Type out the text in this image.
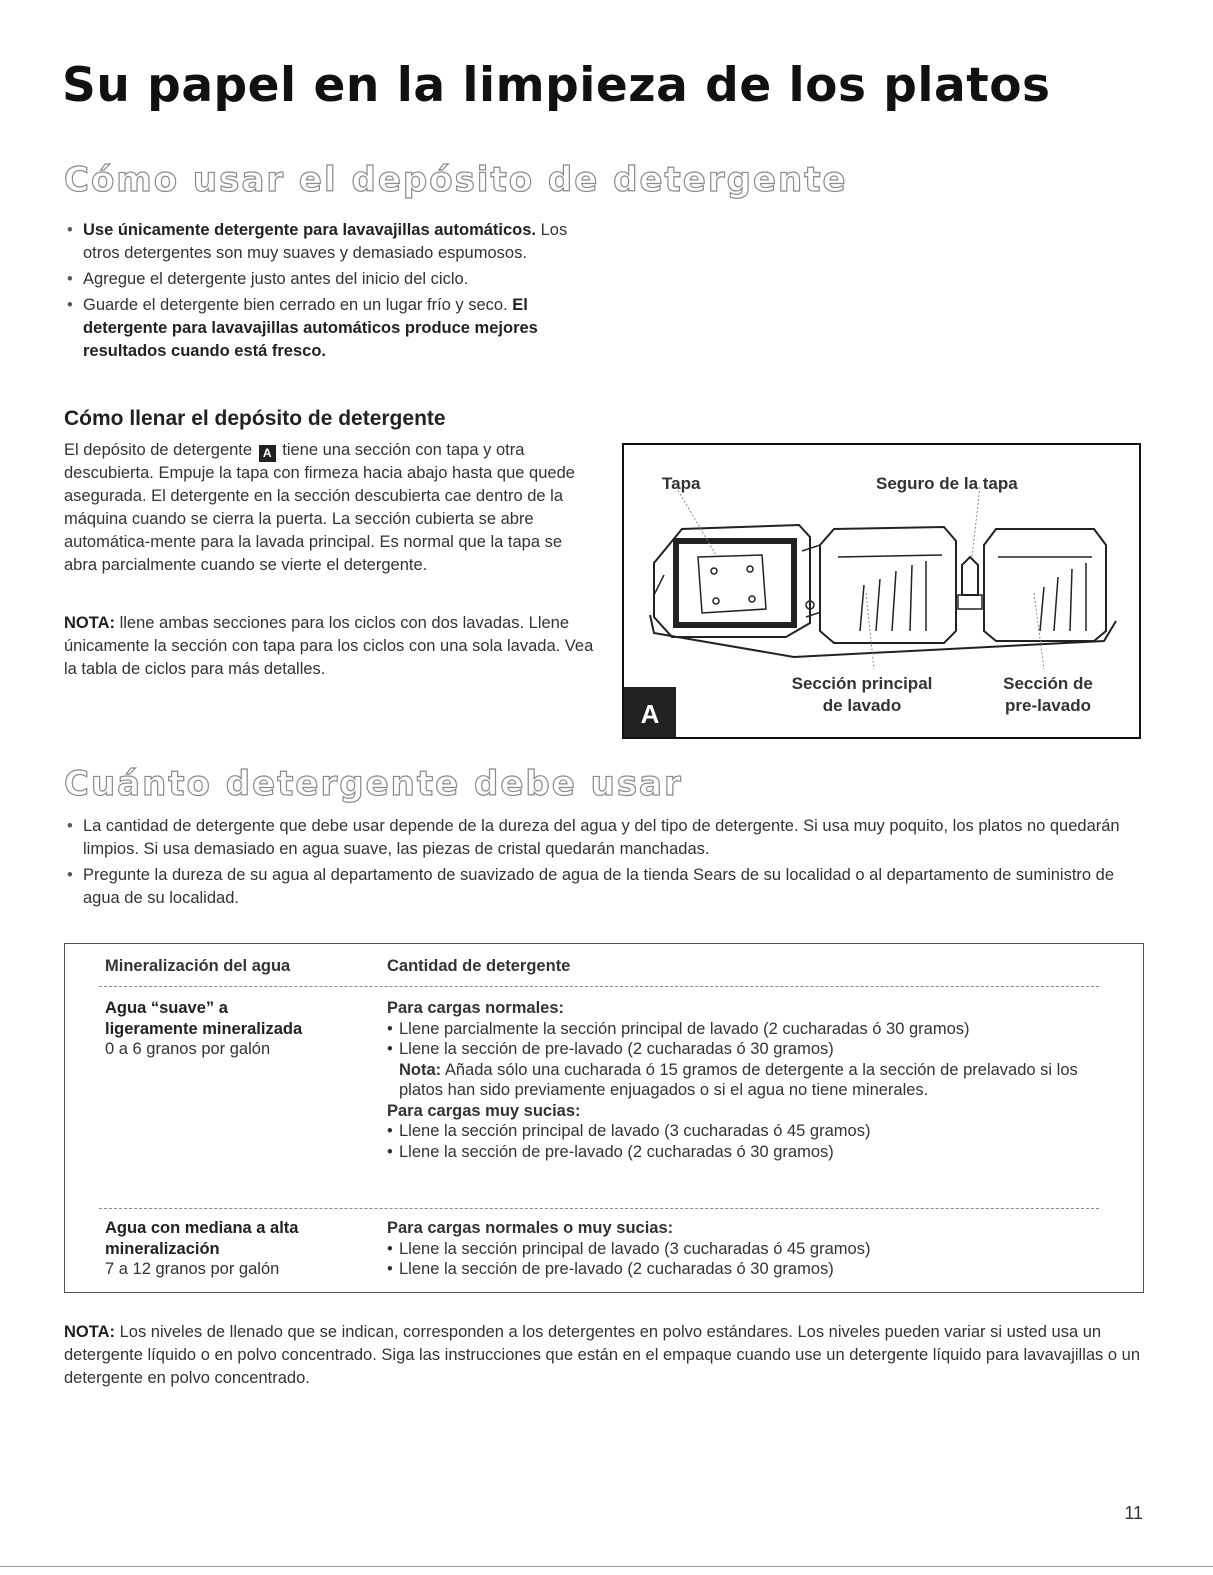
Su papel en la limpieza de los platos
Cómo usar el depósito de detergente
• Use únicamente detergente para lavavajillas automáticos. Los otros detergentes son muy suaves y demasiado espumosos.
• Agregue el detergente justo antes del inicio del ciclo.
• Guarde el detergente bien cerrado en un lugar frío y seco. El detergente para lavavajillas automáticos produce mejores resultados cuando está fresco.
Cómo llenar el depósito de detergente

El depósito de detergente A tiene una sección con tapa y otra descubierta. Empuje la tapa con firmeza hacia abajo hasta que quede asegurada. El detergente en la sección descubierta cae dentro de la máquina cuando se cierra la puerta. La sección cubierta se abre automática-mente para la lavada principal. Es normal que la tapa se abra parcialmente cuando se vierte el detergente.

NOTA: llene ambas secciones para los ciclos con dos lavadas. Llene únicamente la sección con tapa para los ciclos con una sola lavada. Vea la tabla de ciclos para más detalles.

Tapa	Seguro de la tapa
Sección principal
de lavado
Sección de
pre-lavado
A
Cuánto detergente debe usar
• La cantidad de detergente que debe usar depende de la dureza del agua y del tipo de detergente. Si usa muy poquito, los platos no quedarán limpios. Si usa demasiado en agua suave, las piezas de cristal quedarán manchadas.
• Pregunte la dureza de su agua al departamento de suavizado de agua de la tienda Sears de su localidad o al departamento de suministro de agua de su localidad.
Mineralización del agua	Cantidad de detergente
Agua “suave” a
ligeramente mineralizada
0 a 6 granos por galón
Para cargas normales:
• Llene parcialmente la sección principal de lavado (2 cucharadas ó 30 gramos)
• Llene la sección de pre-lavado (2 cucharadas ó 30 gramos)
Nota: Añada sólo una cucharada ó 15 gramos de detergente a la sección de prelavado si los platos han sido previamente enjuagados o si el agua no tiene minerales.
Para cargas muy sucias:
• Llene la sección principal de lavado (3 cucharadas ó 45 gramos)
• Llene la sección de pre-lavado (2 cucharadas ó 30 gramos)
Agua con mediana a alta
mineralización
7 a 12 granos por galón
Para cargas normales o muy sucias:
• Llene la sección principal de lavado (3 cucharadas ó 45 gramos)
• Llene la sección de pre-lavado (2 cucharadas ó 30 gramos)

NOTA: Los niveles de llenado que se indican, corresponden a los detergentes en polvo estándares. Los niveles pueden variar si usted usa un detergente líquido o en polvo concentrado. Siga las instrucciones que están en el empaque cuando use un detergente líquido para lavavajillas o un detergente en polvo concentrado.

11
